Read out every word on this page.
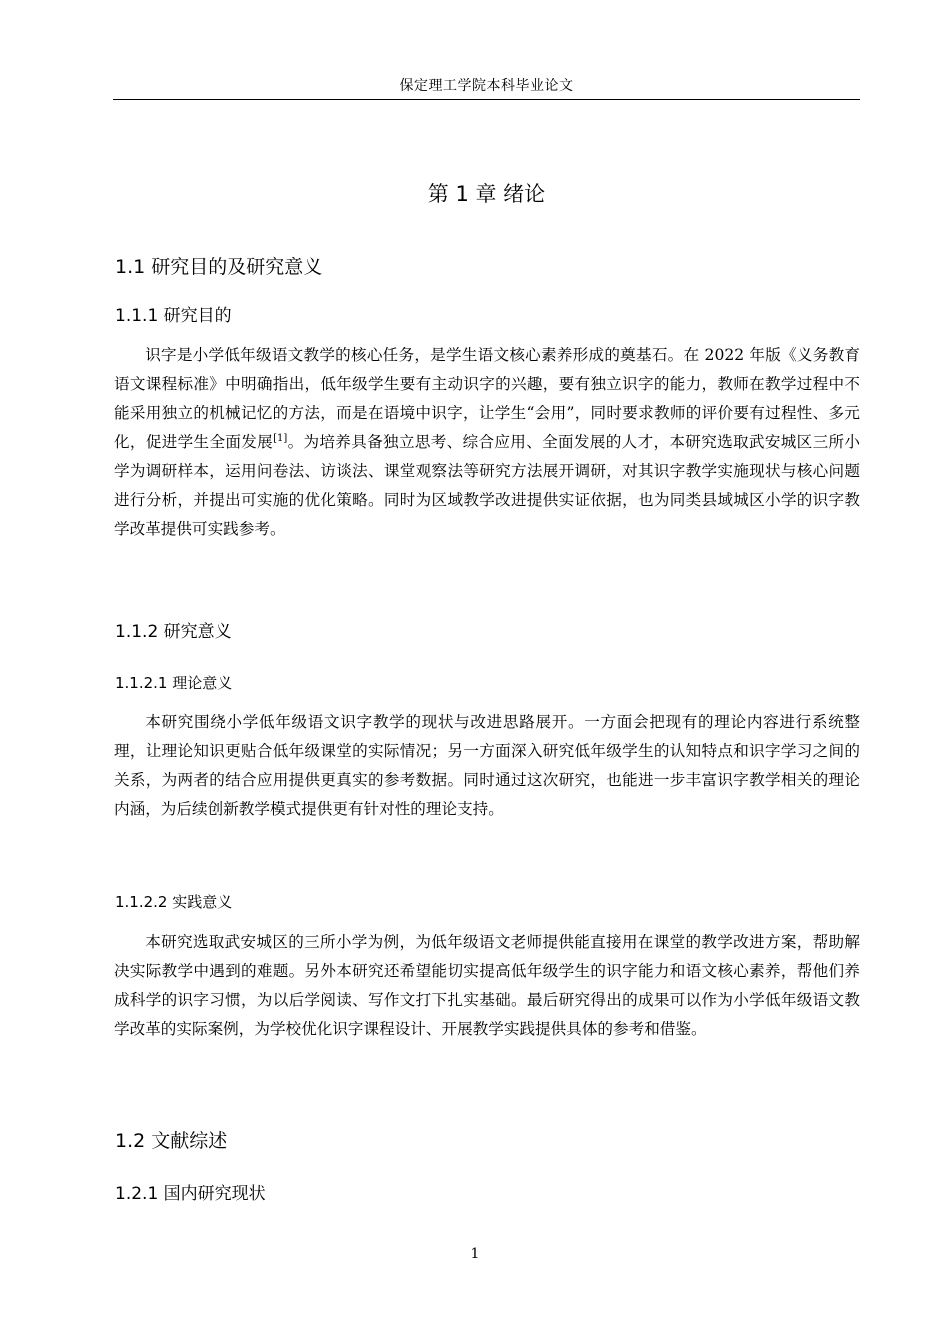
保定理工学院本科毕业论文
第 1 章 绪论
1.1 研究目的及研究意义
1.1.1 研究目的

识字是小学低年级语文教学的核心任务，是学生语文核心素养形成的奠基石。在 2022 年版《义务教育语文课程标准》中明确指出，低年级学生要有主动识字的兴趣，要有独立识字的能力，教师在教学过程中不能采用独立的机械记忆的方法，而是在语境中识字，让学生“会用”，同时要求教师的评价要有过程性、多元化，促进学生全面发展[1]。为培养具备独立思考、综合应用、全面发展的人才，本研究选取武安城区三所小学为调研样本，运用问卷法、访谈法、课堂观察法等研究方法展开调研，对其识字教学实施现状与核心问题进行分析，并提出可实施的优化策略。同时为区域教学改进提供实证依据，也为同类县域城区小学的识字教学改革提供可实践参考。

1.1.2 研究意义
1.1.2.1 理论意义

本研究围绕小学低年级语文识字教学的现状与改进思路展开。一方面会把现有的理论内容进行系统整理，让理论知识更贴合低年级课堂的实际情况；另一方面深入研究低年级学生的认知特点和识字学习之间的关系，为两者的结合应用提供更真实的参考数据。同时通过这次研究，也能进一步丰富识字教学相关的理论内涵，为后续创新教学模式提供更有针对性的理论支持。

1.1.2.2 实践意义

本研究选取武安城区的三所小学为例，为低年级语文老师提供能直接用在课堂的教学改进方案，帮助解决实际教学中遇到的难题。另外本研究还希望能切实提高低年级学生的识字能力和语文核心素养，帮他们养成科学的识字习惯，为以后学阅读、写作文打下扎实基础。最后研究得出的成果可以作为小学低年级语文教学改革的实际案例，为学校优化识字课程设计、开展教学实践提供具体的参考和借鉴。

1.2 文献综述
1.2.1 国内研究现状
1
